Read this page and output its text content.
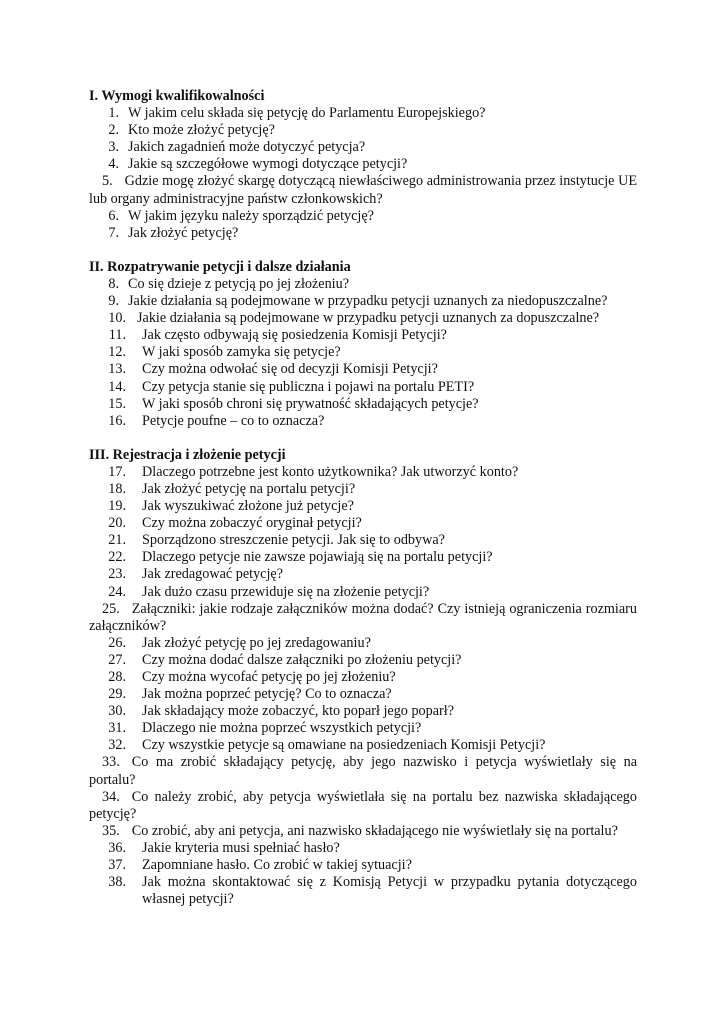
I. Wymogi kwalifikowalności

1. W jakim celu składa się petycję do Parlamentu Europejskiego?
2. Kto może złożyć petycję?
3. Jakich zagadnień może dotyczyć petycja?
4. Jakie są szczegółowe wymogi dotyczące petycji?
5. Gdzie mogę złożyć skargę dotyczącą niewłaściwego administrowania przez instytucje UE lub organy administracyjne państw członkowskich?
6. W jakim języku należy sporządzić petycję?
7. Jak złożyć petycję?

II. Rozpatrywanie petycji i dalsze działania

8. Co się dzieje z petycją po jej złożeniu?
9. Jakie działania są podejmowane w przypadku petycji uznanych za niedopuszczalne?
10. Jakie działania są podejmowane w przypadku petycji uznanych za dopuszczalne?
11.	Jak często odbywają się posiedzenia Komisji Petycji?
12.	W jaki sposób zamyka się petycje?
13.	Czy można odwołać się od decyzji Komisji Petycji?
14.	Czy petycja stanie się publiczna i pojawi na portalu PETI?
15.	W jaki sposób chroni się prywatność składających petycje?
16.	Petycje poufne – co to oznacza?

III. Rejestracja i złożenie petycji

17.	Dlaczego potrzebne jest konto użytkownika? Jak utworzyć konto?
18.	Jak złożyć petycję na portalu petycji?
19.	Jak wyszukiwać złożone już petycje?
20.	Czy można zobaczyć oryginał petycji?
21.	Sporządzono streszczenie petycji. Jak się to odbywa?
22.	Dlaczego petycje nie zawsze pojawiają się na portalu petycji?
23.	Jak zredagować petycję?
24.	Jak dużo czasu przewiduje się na złożenie petycji?
25. Załączniki: jakie rodzaje załączników można dodać? Czy istnieją ograniczenia rozmiaru załączników?
26.	Jak złożyć petycję po jej zredagowaniu?
27.	Czy można dodać dalsze załączniki po złożeniu petycji?
28.	Czy można wycofać petycję po jej złożeniu?
29.	Jak można poprzeć petycję? Co to oznacza?
30.	Jak składający może zobaczyć, kto poparł jego poparł?
31.	Dlaczego nie można poprzeć wszystkich petycji?
32.	Czy wszystkie petycje są omawiane na posiedzeniach Komisji Petycji?
33. Co ma zrobić składający petycję, aby jego nazwisko i petycja wyświetlały się na portalu?
34. Co należy zrobić, aby petycja wyświetlała się na portalu bez nazwiska składającego petycję?
35. Co zrobić, aby ani petycja, ani nazwisko składającego nie wyświetlały się na portalu?
36.	Jakie kryteria musi spełniać hasło?
37.	Zapomniane hasło. Co zrobić w takiej sytuacji?
38.	Jak można skontaktować się z Komisją Petycji w przypadku pytania dotyczącego własnej petycji?
